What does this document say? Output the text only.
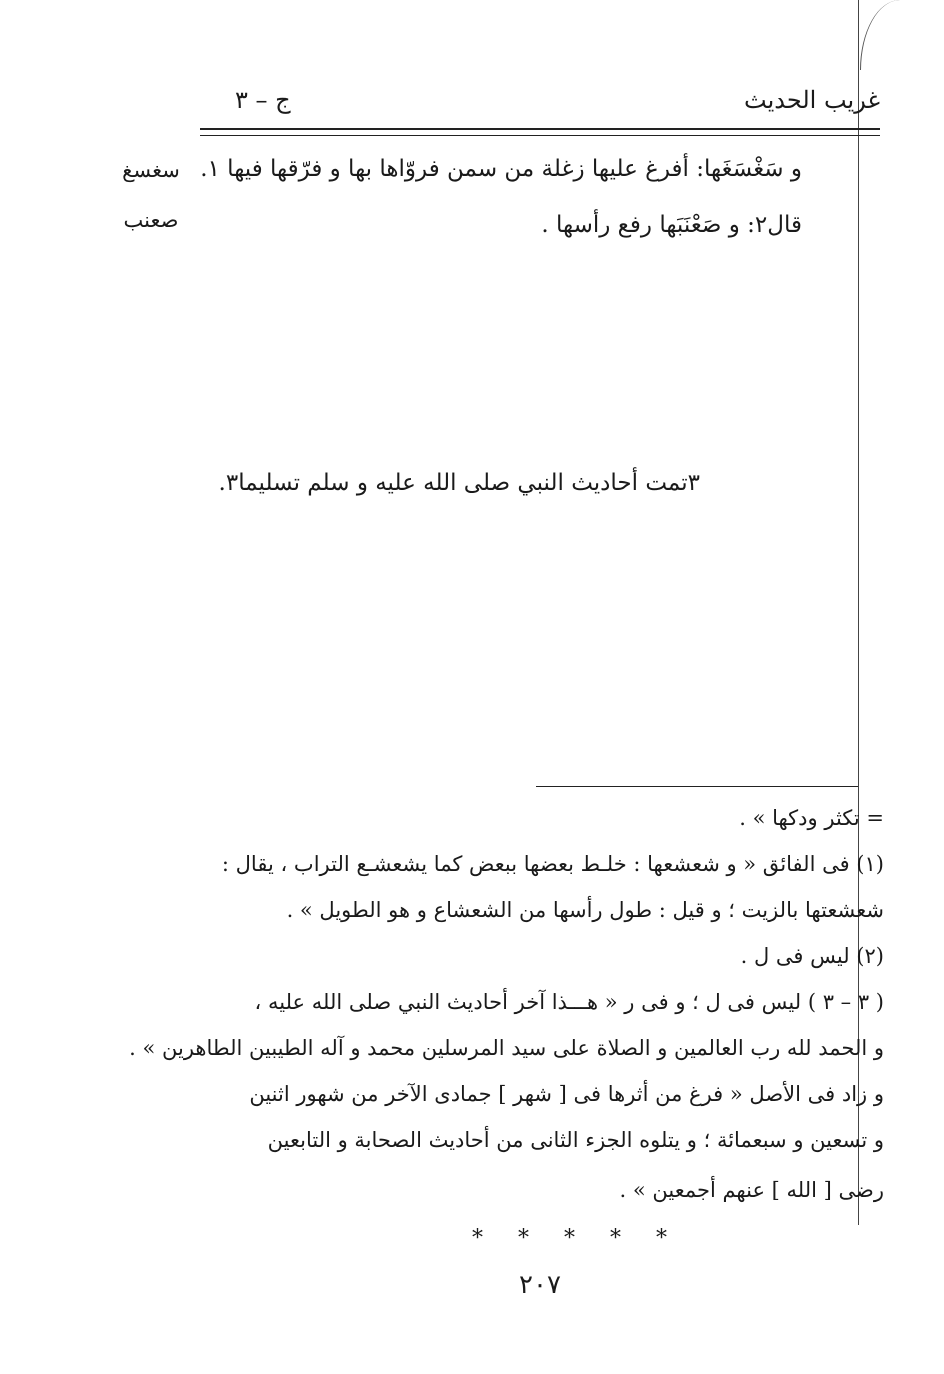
غريب الحديث
ج – ٣
و سَغْسَغَها: أفرغ عليها زغلة من سمن فروّاها بها و فرّقها فيها ١.
قال٢: و صَعْنَبَها رفع رأسها .
سغسغ
صعنب
٣تمت أحاديث النبي صلى الله عليه و سلم تسليما٣.
= تكثر ودكها » .
(١) فى الفائق « و شعشعها : خلـط بعضها ببعض كما يشعشـع التراب ، يقال :
شعشعتها بالزيت ؛ و قيل : طول رأسها من الشعشاع و هو الطويل » .
(٢) ليس فى ل .
( ٣ – ٣ ) ليس فى ل ؛ و فى ر « هـــذا آخر أحاديث النبي صلى الله عليه ،
و الحمد لله رب العالمين و الصلاة على سيد المرسلين محمد و آله الطيبين الطاهرين » .
و زاد فى الأصل « فرغ من أثرها فى [ شهر ] جمادى الآخر من شهور اثنين
و تسعين و سبعمائة ؛ و يتلوه الجزء الثانى من أحاديث الصحابة و التابعين
رضى [ الله ] عنهم أجمعين » .
* * * * *
٢٠٧
